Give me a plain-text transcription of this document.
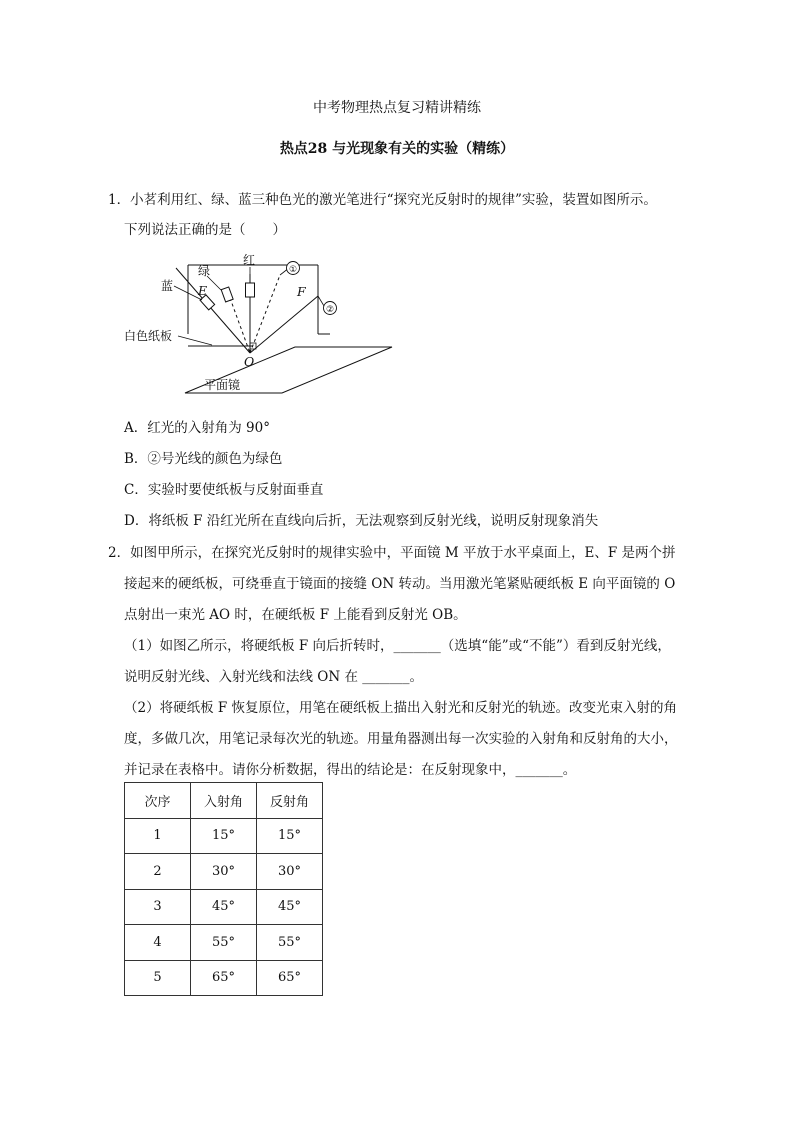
中考物理热点复习精讲精练
热点28 与光现象有关的实验（精练）
1．小茗利用红、绿、蓝三种色光的激光笔进行“探究光反射时的规律”实验，装置如图所示。
下列说法正确的是（　　）
红
绿
蓝
①
②
E	F
O
白色纸板
平面镜
A．红光的入射角为 90°
B．②号光线的颜色为绿色
C．实验时要使纸板与反射面垂直
D．将纸板 F 沿红光所在直线向后折，无法观察到反射光线，说明反射现象消失
2．如图甲所示，在探究光反射时的规律实验中，平面镜 M 平放于水平桌面上，E、F 是两个拼
接起来的硬纸板，可绕垂直于镜面的接缝 ON 转动。当用激光笔紧贴硬纸板 E 向平面镜的 O
点射出一束光 AO 时，在硬纸板 F 上能看到反射光 OB。
（1）如图乙所示，将硬纸板 F 向后折转时，_______（选填“能”或“不能”）看到反射光线，
说明反射光线、入射光线和法线 ON 在 _______。
（2）将硬纸板 F 恢复原位，用笔在硬纸板上描出入射光和反射光的轨迹。改变光束入射的角
度，多做几次，用笔记录每次光的轨迹。用量角器测出每一次实验的入射角和反射角的大小，
并记录在表格中。请你分析数据，得出的结论是：在反射现象中，_______。
次序	入射角	反射角
1	15°	15°
2	30°	30°
3	45°	45°
4	55°	55°
5	65°	65°
